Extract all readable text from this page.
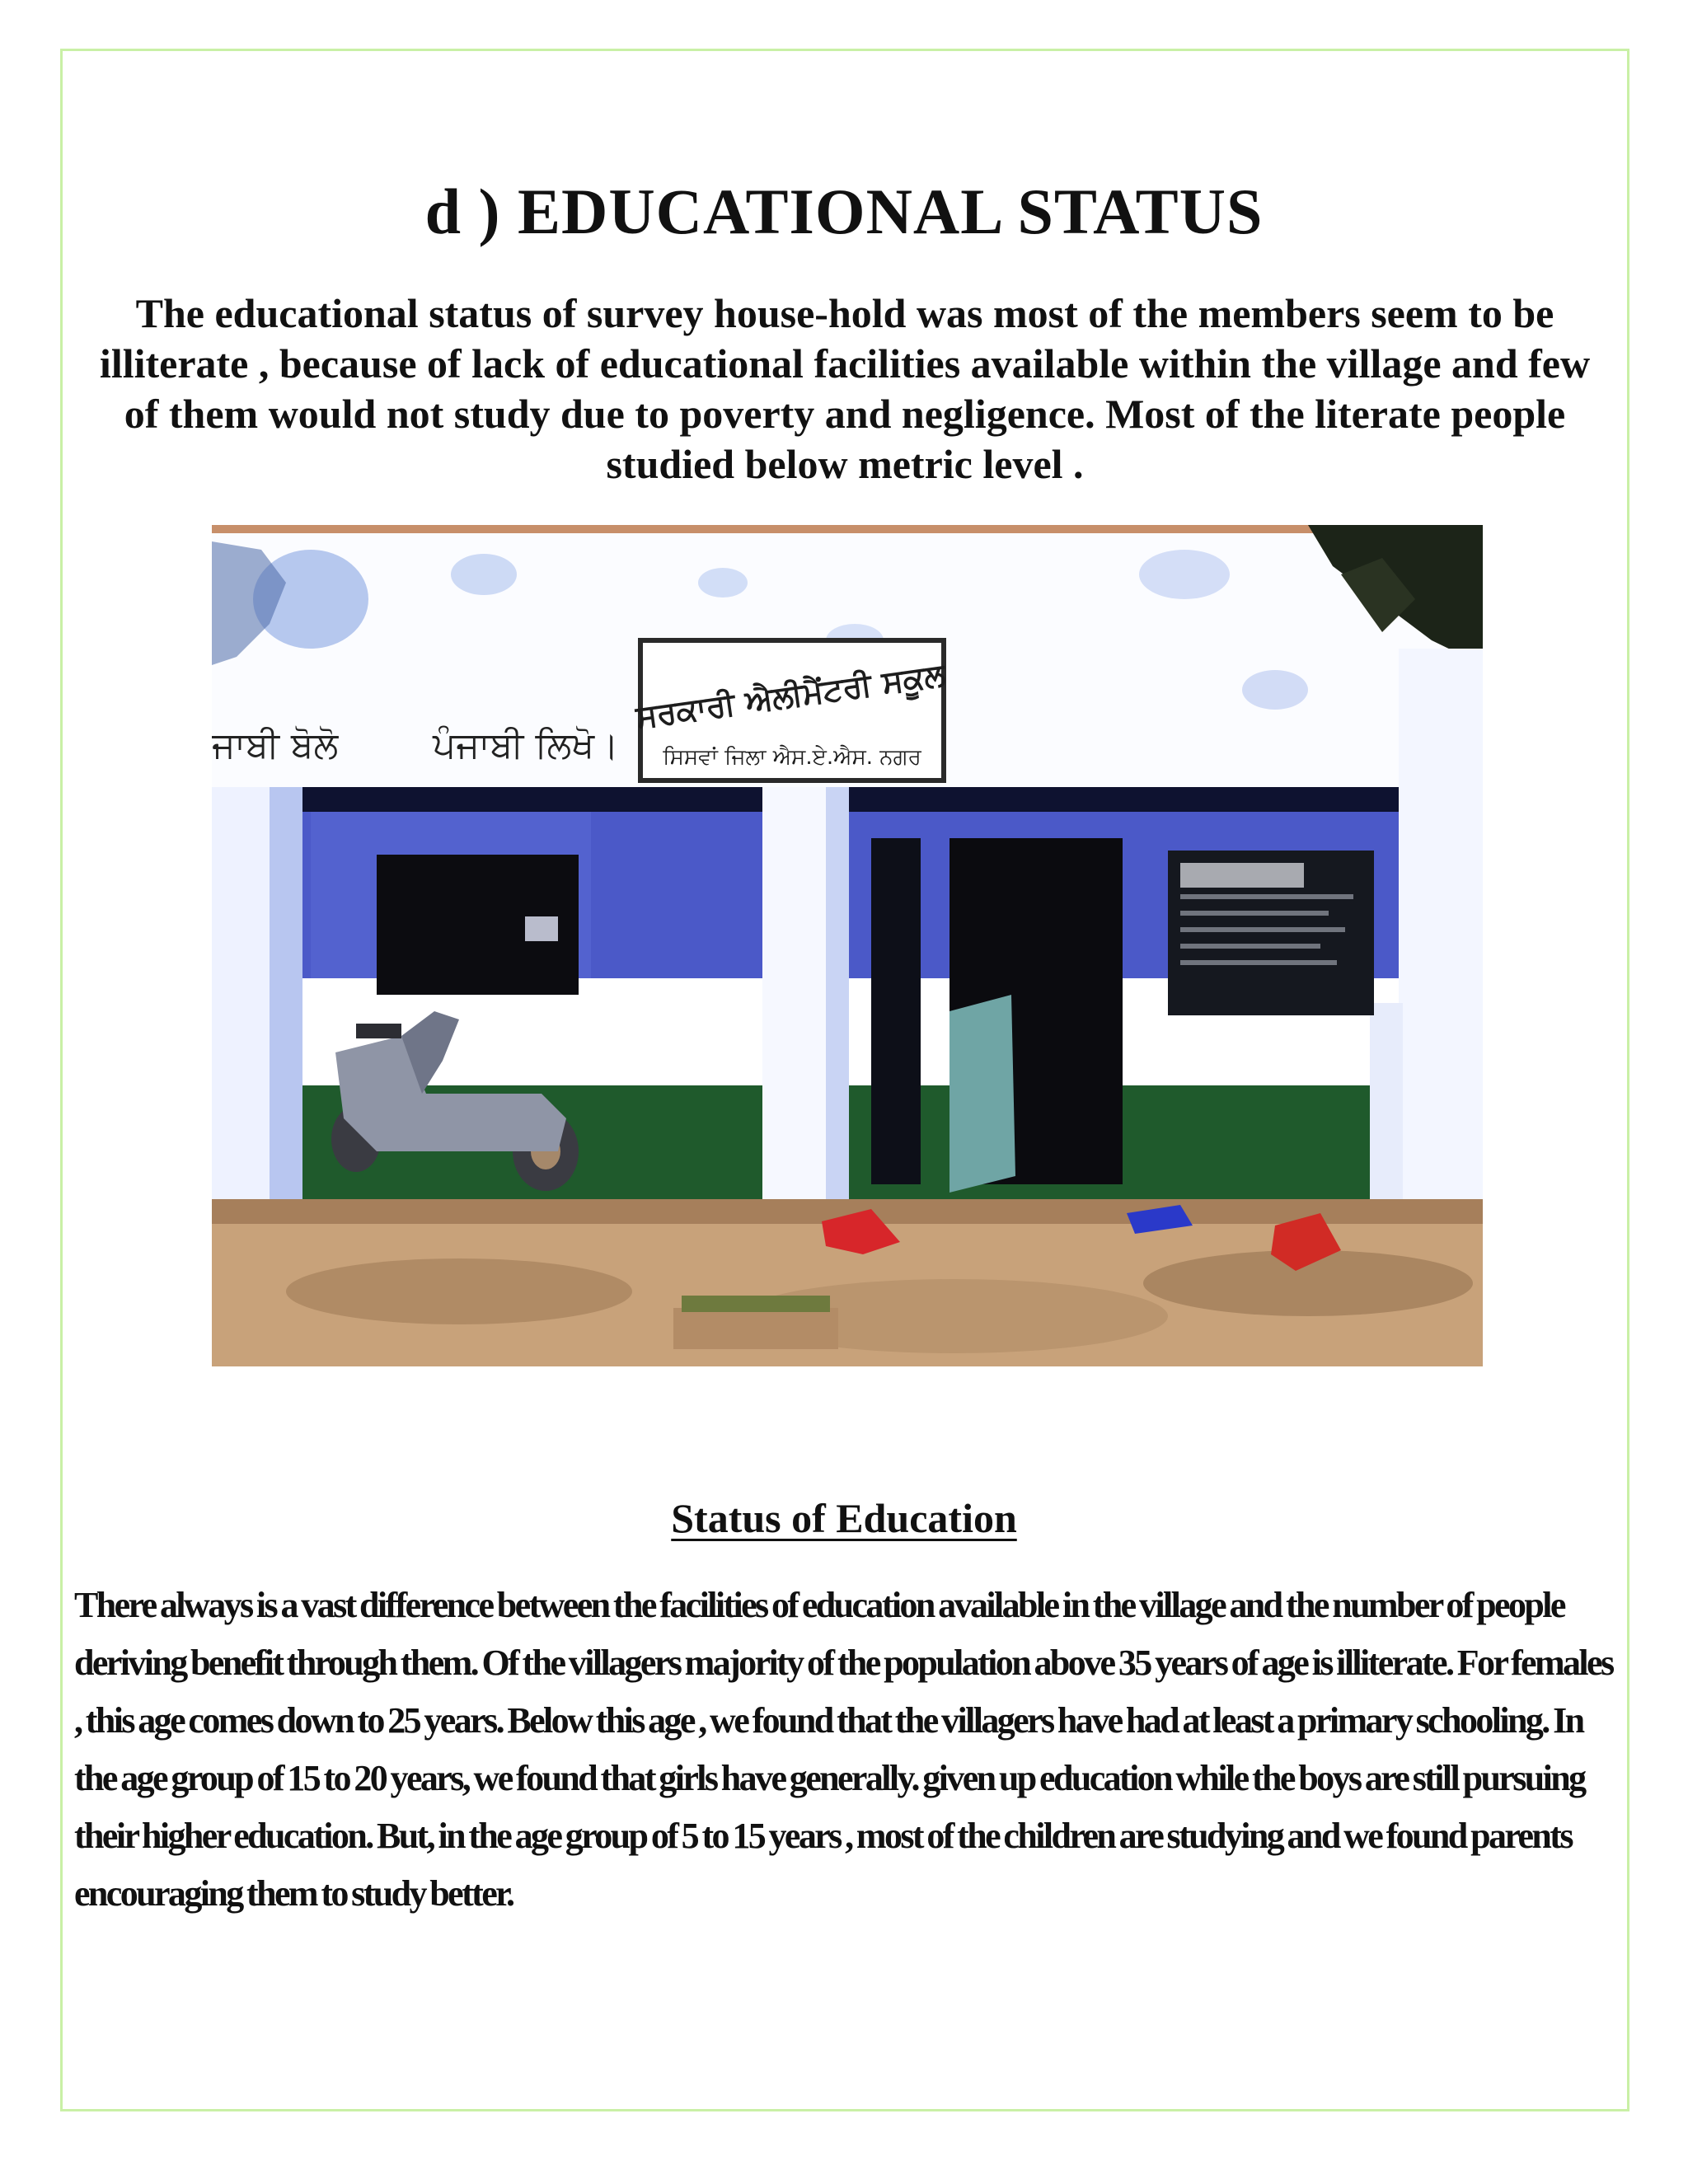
d ) EDUCATIONAL STATUS

The educational status of survey house-hold was most of the members seem to be illiterate , because of lack of educational facilities available within the village and few of them would not study due to poverty and negligence. Most of the literate people studied below metric level .

ਜਾਬੀ ਬੋਲੋ	ਪੰਜਾਬੀ ਲਿਖੋ।
ਸਰਕਾਰੀ ਐਲੀਮੈਂਟਰੀ ਸਕੂਲ
ਸਿਸਵਾਂ ਜਿਲਾ ਐਸ.ਏ.ਐਸ. ਨਗਰ
Status of Education

There always is a vast difference between the facilities of education available in the village and the number of people deriving benefit through them. Of the villagers majority of the population above 35 years of age is illiterate. For females , this age comes down to 25 years. Below this age , we found that the villagers have had at least a primary schooling. In the age group of 15 to 20 years, we found that girls have generally. given up education while the boys are still pursuing their higher education. But, in the age group of 5 to 15 years , most of the children are studying and we found parents encouraging them to study better.
